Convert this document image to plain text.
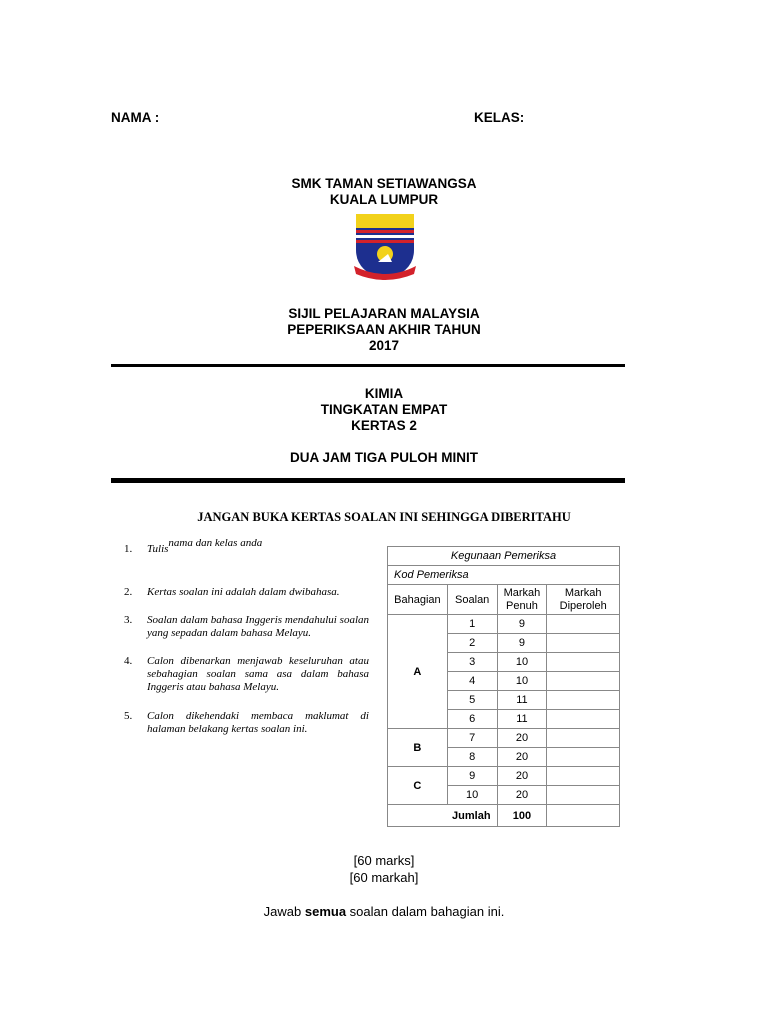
NAMA :	KELAS:
SMK TAMAN SETIAWANGSA
KUALA LUMPUR
SIJIL PELAJARAN MALAYSIA
PEPERIKSAAN AKHIR TAHUN
2017
KIMIA
TINGKATAN EMPAT
KERTAS 2
DUA JAM TIGA PULOH MINIT
JANGAN BUKA KERTAS SOALAN INI SEHINGGA DIBERITAHU
1. Tulisnama dan kelas anda
2. Kertas soalan ini adalah dalam dwibahasa.
3. Soalan dalam bahasa Inggeris mendahului soalan yang sepadan dalam bahasa Melayu.
4. Calon dibenarkan menjawab keseluruhan atau sebahagian soalan sama asa dalam bahasa Inggeris atau bahasa Melayu.
5. Calon dikehendaki membaca maklumat di halaman belakang kertas soalan ini.
Kegunaan Pemeriksa			
Kod Pemeriksa			
Bahagian	Soalan	Markah Penuh	Markah Diperoleh
A	1	9	
	2	9	
	3	10	
	4	10	
	5	11	
	6	11	
B	7	20	
	8	20	
C	9	20	
	10	20	
Jumlah		100	
[60 marks]
[60 markah]
Jawab semua soalan dalam bahagian ini.
